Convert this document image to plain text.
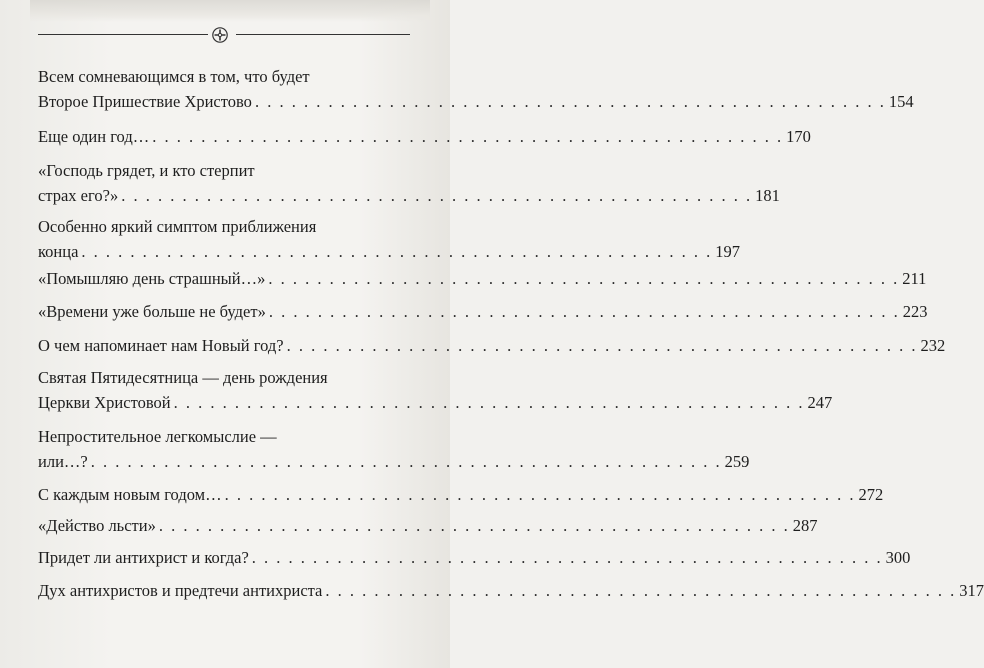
Всем сомневающимся в том, что будет
Второе Пришествие Христово . . . . . . . . . . . . . . . . . . . . . . . . . . . . . . . . . . . . . . . . . . . . . . . . . . . . 154
Еще один год… . . . . . . . . . . . . . . . . . . . . . . . . . . . . . . . . . . . . . . . . . . . . . . . . . . . . 170
«Господь грядет, и кто стерпит
страх его?» . . . . . . . . . . . . . . . . . . . . . . . . . . . . . . . . . . . . . . . . . . . . . . . . . . . . 181
Особенно яркий симптом приближения
конца . . . . . . . . . . . . . . . . . . . . . . . . . . . . . . . . . . . . . . . . . . . . . . . . . . . . 197
«Помышляю день страшный…» . . . . . . . . . . . . . . . . . . . . . . . . . . . . . . . . . . . . . . . . . . . . . . . . . . . . 211
«Времени уже больше не будет» . . . . . . . . . . . . . . . . . . . . . . . . . . . . . . . . . . . . . . . . . . . . . . . . . . . . 223
О чем напоминает нам Новый год? . . . . . . . . . . . . . . . . . . . . . . . . . . . . . . . . . . . . . . . . . . . . . . . . . . . . 232
Святая Пятидесятница — день рождения
Церкви Христовой . . . . . . . . . . . . . . . . . . . . . . . . . . . . . . . . . . . . . . . . . . . . . . . . . . . . 247
Непростительное легкомыслие —
или…? . . . . . . . . . . . . . . . . . . . . . . . . . . . . . . . . . . . . . . . . . . . . . . . . . . . . 259
С каждым новым годом… . . . . . . . . . . . . . . . . . . . . . . . . . . . . . . . . . . . . . . . . . . . . . . . . . . . . 272
«Действо льсти» . . . . . . . . . . . . . . . . . . . . . . . . . . . . . . . . . . . . . . . . . . . . . . . . . . . . 287
Придет ли антихрист и когда? . . . . . . . . . . . . . . . . . . . . . . . . . . . . . . . . . . . . . . . . . . . . . . . . . . . . 300
Дух антихристов и предтечи антихриста . . . . . . . . . . . . . . . . . . . . . . . . . . . . . . . . . . . . . . . . . . . . . . . . . . . . 317
